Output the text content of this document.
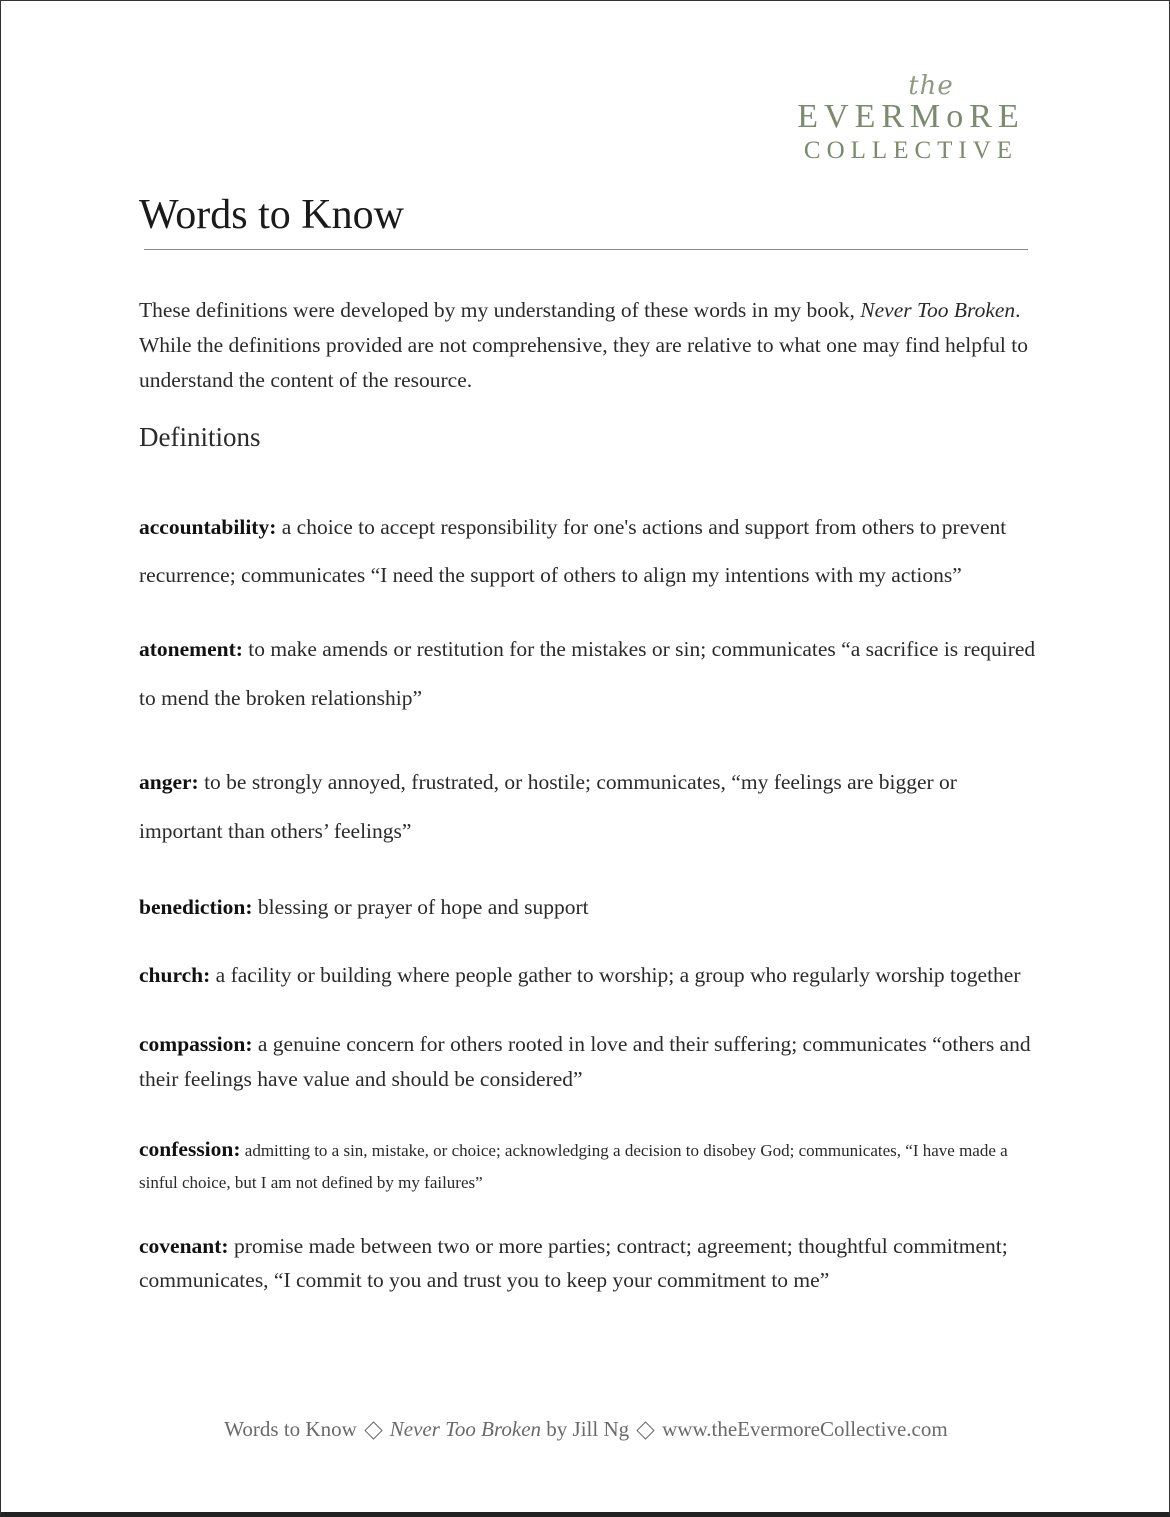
the
EVERMoRE
COLLECTIVE
Words to Know

These definitions were developed by my understanding of these words in my book, Never Too Broken. While the definitions provided are not comprehensive, they are relative to what one may find helpful to understand the content of the resource.

Definitions
accountability: a choice to accept responsibility for one's actions and support from others to prevent recurrence; communicates “I need the support of others to align my intentions with my actions”
atonement: to make amends or restitution for the mistakes or sin; communicates “a sacrifice is required to mend the broken relationship”
anger: to be strongly annoyed, frustrated, or hostile; communicates, “my feelings are bigger or important than others’ feelings”
benediction: blessing or prayer of hope and support
church: a facility or building where people gather to worship; a group who regularly worship together
compassion: a genuine concern for others rooted in love and their suffering; communicates “others and their feelings have value and should be considered”
confession: admitting to a sin, mistake, or choice; acknowledging a decision to disobey God; communicates, “I have made a sinful choice, but I am not defined by my failures”
covenant: promise made between two or more parties; contract; agreement; thoughtful commitment; communicates, “I commit to you and trust you to keep your commitment to me”
Words to Know Never Too Broken by Jill Ng www.theEvermoreCollective.com
